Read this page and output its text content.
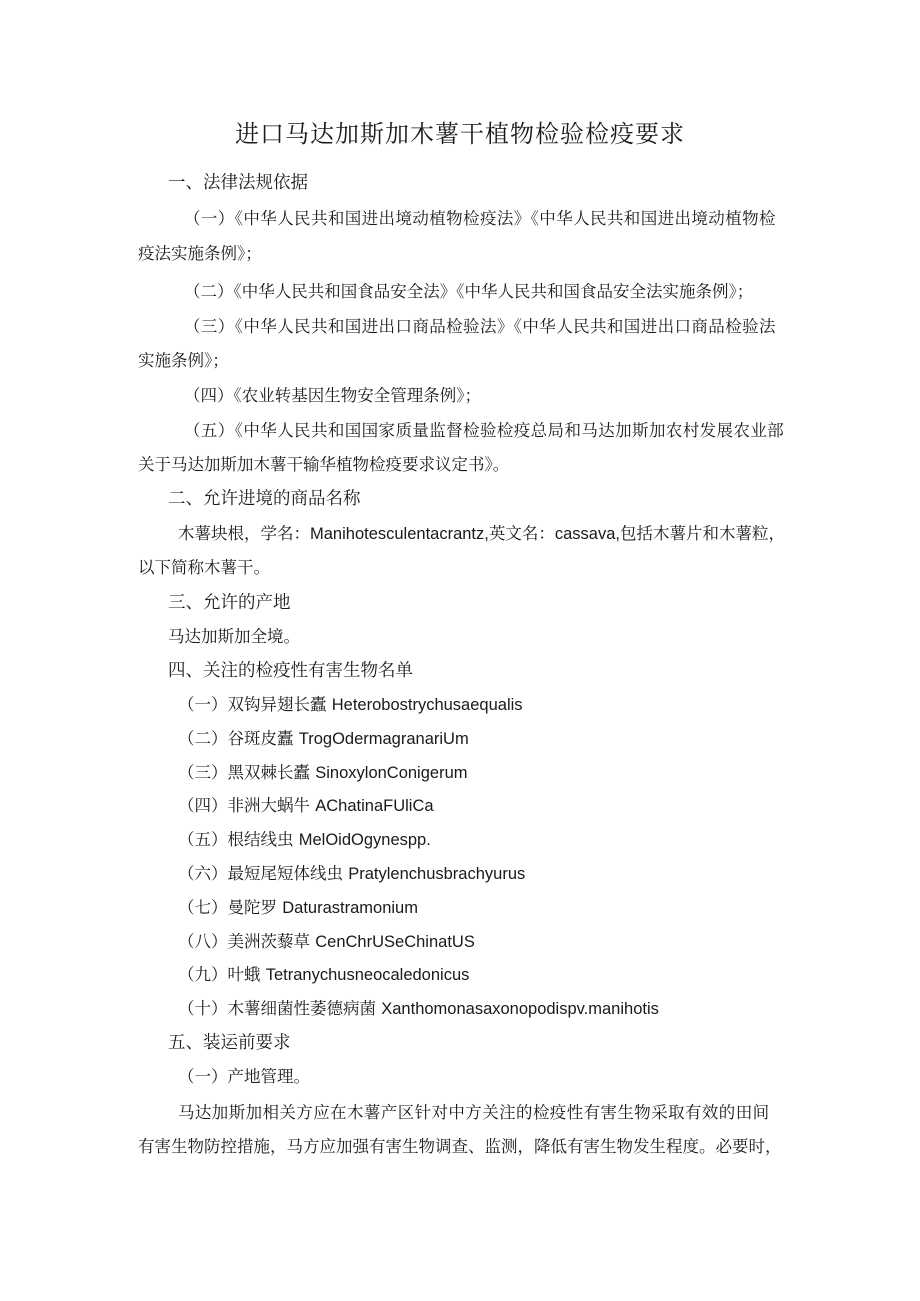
进口马达加斯加木薯干植物检验检疫要求
一、法律法规依据
（一）《中华人民共和国进出境动植物检疫法》《中华人民共和国进出境动植物检
疫法实施条例》；
（二）《中华人民共和国食品安全法》《中华人民共和国食品安全法实施条例》；
（三）《中华人民共和国进出口商品检验法》《中华人民共和国进出口商品检验法
实施条例》；
（四）《农业转基因生物安全管理条例》；
（五）《中华人民共和国国家质量监督检验检疫总局和马达加斯加农村发展农业部
关于马达加斯加木薯干输华植物检疫要求议定书》。
二、允许进境的商品名称
木薯块根，学名：Manihotesculentacrantz,英文名：cassava,包括木薯片和木薯粒，
以下简称木薯干。
三、允许的产地
马达加斯加全境。
四、关注的检疫性有害生物名单
（一）双钩异翅长蠹 Heterobostrychusaequalis
（二）谷斑皮蠹 TrogOdermagranariUm
（三）黑双棘长蠹 SinoxylonConigerum
（四）非洲大蜗牛 AChatinaFUliCa
（五）根结线虫 MelOidOgynespp.
（六）最短尾短体线虫 Pratylenchusbrachyurus
（七）曼陀罗 Daturastramonium
（八）美洲茨藜草 CenChrUSeChinatUS
（九）叶蛾 Tetranychusneocaledonicus
（十）木薯细菌性萎德病菌 Xanthomonasaxonopodispv.manihotis
五、装运前要求
（一）产地管理。
马达加斯加相关方应在木薯产区针对中方关注的检疫性有害生物采取有效的田间
有害生物防控措施，马方应加强有害生物调查、监测，降低有害生物发生程度。必要时，
